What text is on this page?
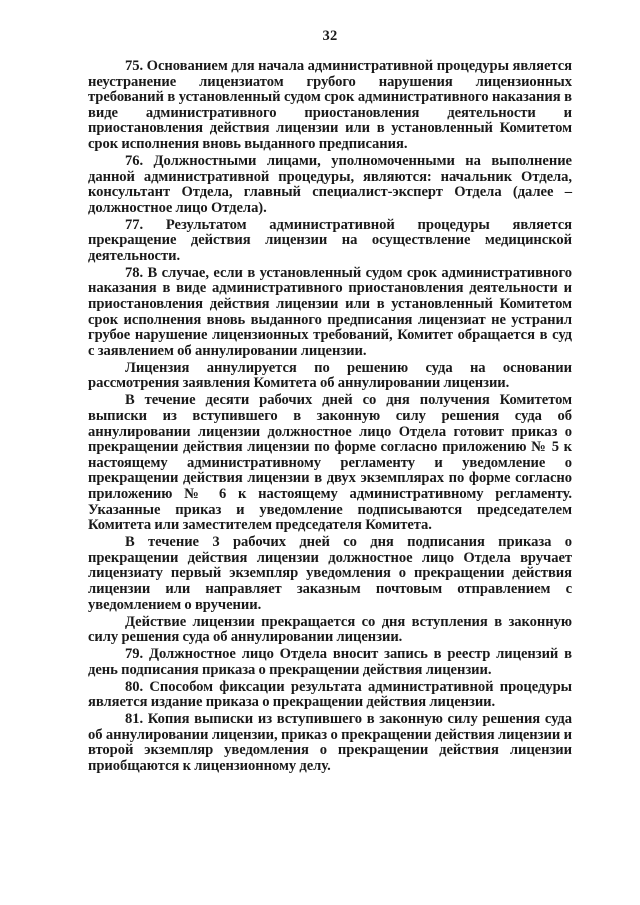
32

75. Основанием для начала административной процедуры является неустранение лицензиатом грубого нарушения лицензионных требований в установленный судом срок административного наказания в виде административного приостановления деятельности и приостановления действия лицензии или в установленный Комитетом срок исполнения вновь выданного предписания.

76. Должностными лицами, уполномоченными на выполнение данной административной процедуры, являются: начальник Отдела, консультант Отдела, главный специалист-эксперт Отдела (далее – должностное лицо Отдела).

77. Результатом административной процедуры является прекращение действия лицензии на осуществление медицинской деятельности.

78. В случае, если в установленный судом срок административного наказания в виде административного приостановления деятельности и приостановления действия лицензии или в установленный Комитетом срок исполнения вновь выданного предписания лицензиат не устранил грубое нарушение лицензионных требований, Комитет обращается в суд с заявлением об аннулировании лицензии.

Лицензия аннулируется по решению суда на основании рассмотрения заявления Комитета об аннулировании лицензии.

В течение десяти рабочих дней со дня получения Комитетом выписки из вступившего в законную силу решения суда об аннулировании лицензии должностное лицо Отдела готовит приказ о прекращении действия лицензии по форме согласно приложению № 5 к настоящему административному регламенту и уведомление о прекращении действия лицензии в двух экземплярах по форме согласно приложению № 6 к настоящему административному регламенту. Указанные приказ и уведомление подписываются председателем Комитета или заместителем председателя Комитета.

В течение 3 рабочих дней со дня подписания приказа о прекращении действия лицензии должностное лицо Отдела вручает лицензиату первый экземпляр уведомления о прекращении действия лицензии или направляет заказным почтовым отправлением с уведомлением о вручении.

Действие лицензии прекращается со дня вступления в законную силу решения суда об аннулировании лицензии.

79. Должностное лицо Отдела вносит запись в реестр лицензий в день подписания приказа о прекращении действия лицензии.

80. Способом фиксации результата административной процедуры является издание приказа о прекращении действия лицензии.

81. Копия выписки из вступившего в законную силу решения суда об аннулировании лицензии, приказ о прекращении действия лицензии и второй экземпляр уведомления о прекращении действия лицензии приобщаются к лицензионному делу.
